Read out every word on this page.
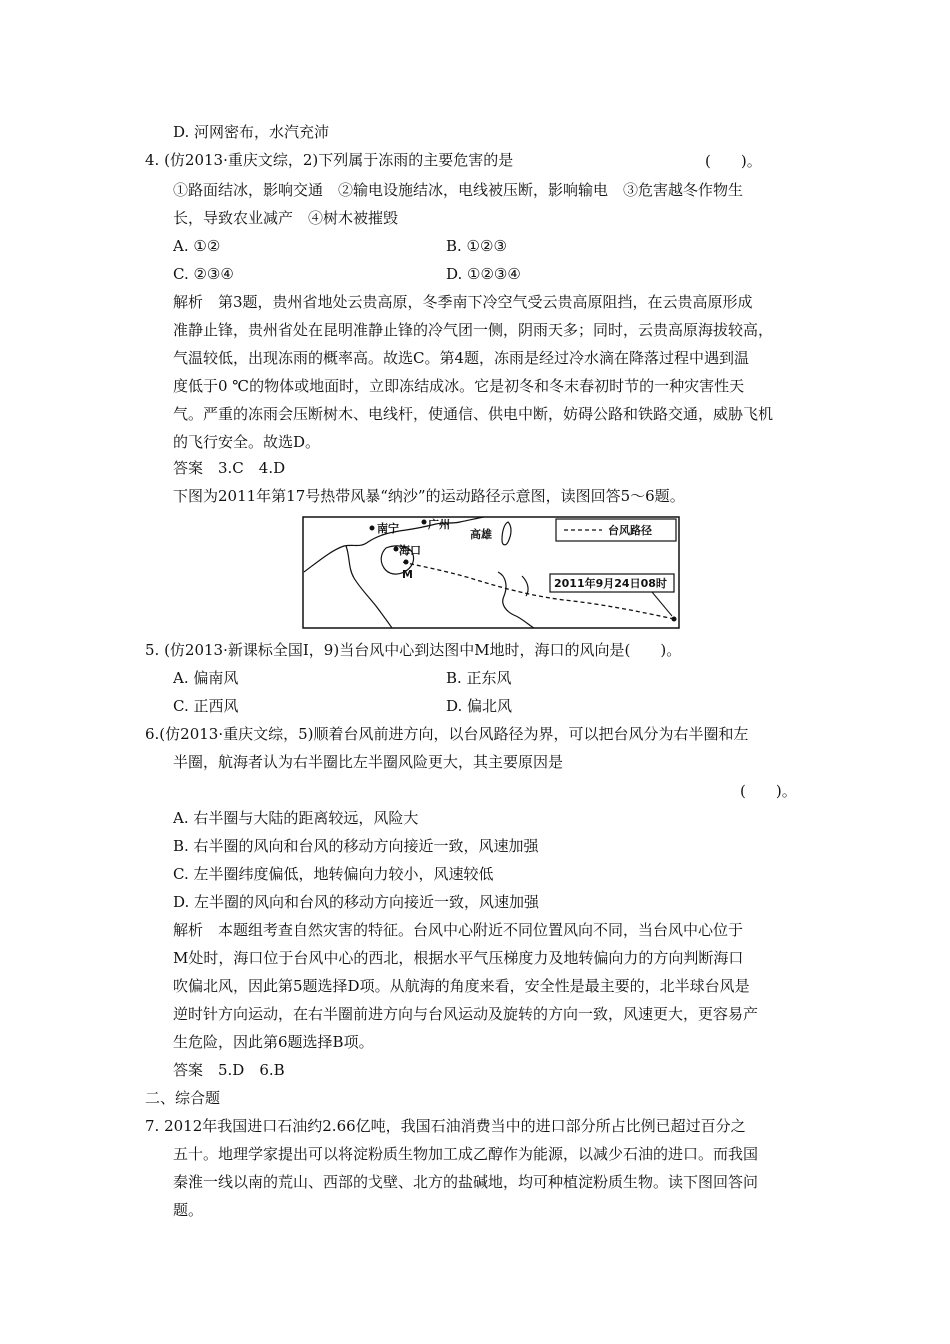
D. 河网密布，水汽充沛
4. (仿2013·重庆文综，2)下列属于冻雨的主要危害的是	(　　)。
①路面结冰，影响交通　②输电设施结冰，电线被压断，影响输电　③危害越冬作物生
长，导致农业减产　④树木被摧毁
A. ①②	B. ①②③
C. ②③④	D. ①②③④
解析　第3题，贵州省地处云贵高原，冬季南下冷空气受云贵高原阻挡，在云贵高原形成
准静止锋，贵州省处在昆明准静止锋的冷气团一侧，阴雨天多；同时，云贵高原海拔较高，
气温较低，出现冻雨的概率高。故选C。第4题，冻雨是经过冷水滴在降落过程中遇到温
度低于0 ℃的物体或地面时，立即冻结成冰。它是初冬和冬末春初时节的一种灾害性天
气。严重的冻雨会压断树木、电线杆，使通信、供电中断，妨碍公路和铁路交通，威胁飞机
的飞行安全。故选D。
答案　3.C　4.D
下图为2011年第17号热带风暴“纳沙”的运动路径示意图，读图回答5～6题。
台风路径
南宁	广州
高雄
海口
M
2011年9月24日08时
5. (仿2013·新课标全国Ⅰ，9)当台风中心到达图中M地时，海口的风向是(　　)。
A. 偏南风	B. 正东风
C. 正西风	D. 偏北风
6.(仿2013·重庆文综，5)顺着台风前进方向，以台风路径为界，可以把台风分为右半圈和左
半圈，航海者认为右半圈比左半圈风险更大，其主要原因是
(　　)。
A. 右半圈与大陆的距离较远，风险大
B. 右半圈的风向和台风的移动方向接近一致，风速加强
C. 左半圈纬度偏低，地转偏向力较小，风速较低
D. 左半圈的风向和台风的移动方向接近一致，风速加强
解析　本题组考查自然灾害的特征。台风中心附近不同位置风向不同，当台风中心位于
M处时，海口位于台风中心的西北，根据水平气压梯度力及地转偏向力的方向判断海口
吹偏北风，因此第5题选择D项。从航海的角度来看，安全性是最主要的，北半球台风是
逆时针方向运动，在右半圈前进方向与台风运动及旋转的方向一致，风速更大，更容易产
生危险，因此第6题选择B项。
答案　5.D　6.B
二、综合题
7. 2012年我国进口石油约2.66亿吨，我国石油消费当中的进口部分所占比例已超过百分之
五十。地理学家提出可以将淀粉质生物加工成乙醇作为能源，以减少石油的进口。而我国
秦淮一线以南的荒山、西部的戈壁、北方的盐碱地，均可种植淀粉质生物。读下图回答问
题。
